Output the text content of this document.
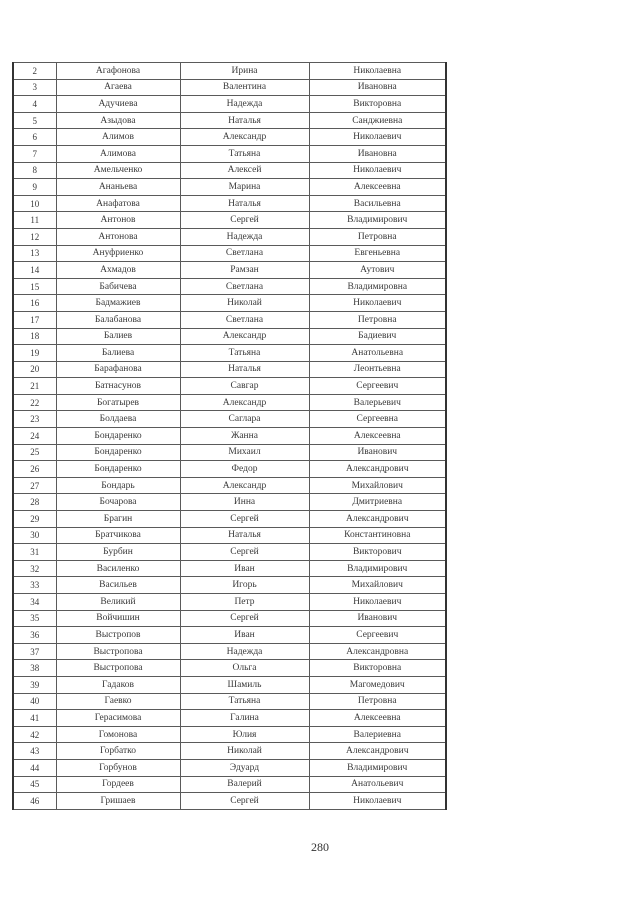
2	Агафонова	Ирина	Николаевна
3	Агаева	Валентина	Ивановна
4	Адучиева	Надежда	Викторовна
5	Азыдова	Наталья	Санджиевна
6	Алимов	Александр	Николаевич
7	Алимова	Татьяна	Ивановна
8	Амельченко	Алексей	Николаевич
9	Ананьева	Марина	Алексеевна
10	Анафатова	Наталья	Васильевна
11	Антонов	Сергей	Владимирович
12	Антонова	Надежда	Петровна
13	Ануфриенко	Светлана	Евгеньевна
14	Ахмадов	Рамзан	Аутович
15	Бабичева	Светлана	Владимировна
16	Бадмажиев	Николай	Николаевич
17	Балабанова	Светлана	Петровна
18	Балиев	Александр	Бадиевич
19	Балиева	Татьяна	Анатольевна
20	Барафанова	Наталья	Леонтьевна
21	Батнасунов	Савгар	Сергеевич
22	Богатырев	Александр	Валерьевич
23	Болдаева	Саглара	Сергеевна
24	Бондаренко	Жанна	Алексеевна
25	Бондаренко	Михаил	Иванович
26	Бондаренко	Федор	Александрович
27	Бондарь	Александр	Михайлович
28	Бочарова	Инна	Дмитриевна
29	Брагин	Сергей	Александрович
30	Братчикова	Наталья	Константиновна
31	Бурбин	Сергей	Викторович
32	Василенко	Иван	Владимирович
33	Васильев	Игорь	Михайлович
34	Великий	Петр	Николаевич
35	Войчишин	Сергей	Иванович
36	Выстропов	Иван	Сергеевич
37	Выстропова	Надежда	Александровна
38	Выстропова	Ольга	Викторовна
39	Гадаков	Шамиль	Магомедович
40	Гаевко	Татьяна	Петровна
41	Герасимова	Галина	Алексеевна
42	Гомонова	Юлия	Валериевна
43	Горбатко	Николай	Александрович
44	Горбунов	Эдуард	Владимирович
45	Гордеев	Валерий	Анатольевич
46	Гришаев	Сергей	Николаевич
280
